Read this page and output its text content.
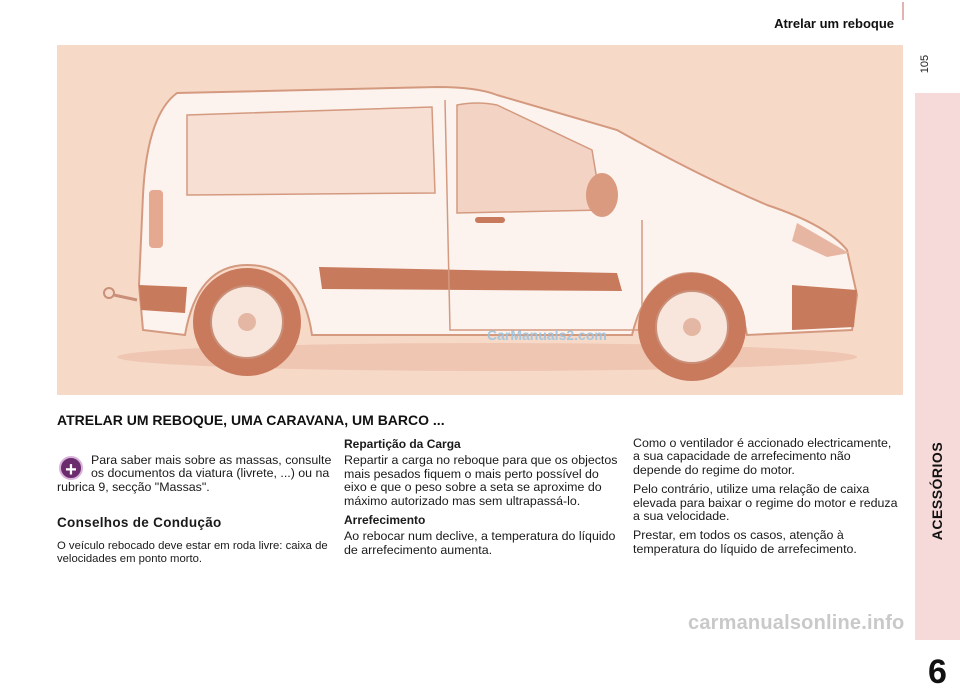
Atrelar um reboque
105
ACESSÓRIOS
6
CarManuals2.com
ATRELAR UM REBOQUE, UMA CARAVANA, UM BARCO ...
+	Para saber mais sobre as massas, consulte os documentos da viatura (livrete, ...) ou na rubrica 9, secção "Massas".
Conselhos de Condução

O veículo rebocado deve estar em roda livre: caixa de velocidades em ponto morto.

Repartição da Carga

Repartir a carga no reboque para que os objectos mais pesados fiquem o mais perto possível do eixo e que o peso sobre a seta se aproxime do máximo autorizado mas sem ultrapassá-lo.

Arrefecimento

Ao rebocar num declive, a temperatura do líquido de arrefecimento aumenta.

Como o ventilador é accionado electricamente, a sua capacidade de arrefecimento não depende do regime do motor.

Pelo contrário, utilize uma relação de caixa elevada para baixar o regime do motor e reduza a sua velocidade.

Prestar, em todos os casos, atenção à temperatura do líquido de arrefecimento.

carmanualsonline.info
